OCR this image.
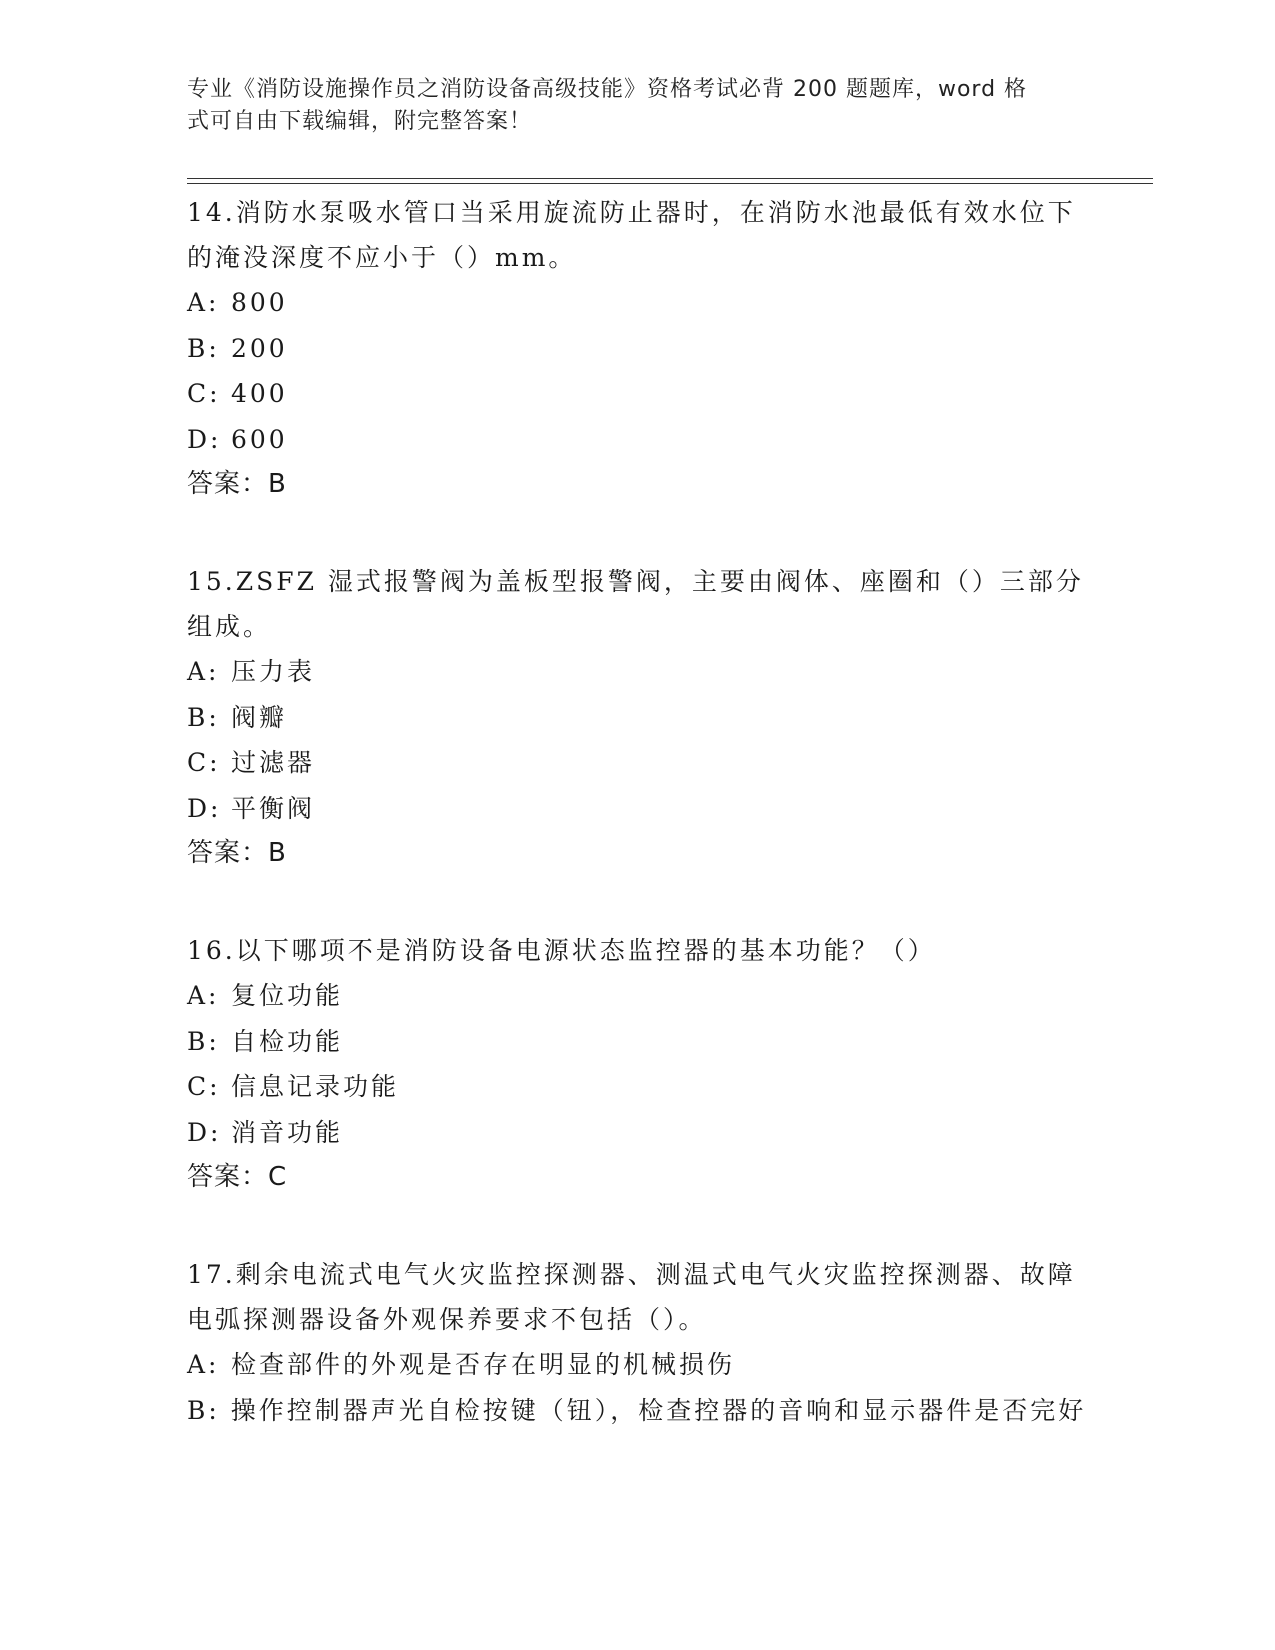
专业《消防设施操作员之消防设备高级技能》资格考试必背 200 题题库，word 格
式可自由下载编辑，附完整答案！

14.消防水泵吸水管口当采用旋流防止器时，在消防水池最低有效水位下的淹没深度不应小于（）mm。

A: 800

B: 200

C: 400

D: 600

答案：B

15.ZSFZ 湿式报警阀为盖板型报警阀，主要由阀体、座圈和（）三部分组成。

A: 压力表

B: 阀瓣

C: 过滤器

D: 平衡阀

答案：B

16.以下哪项不是消防设备电源状态监控器的基本功能？（）

A: 复位功能

B: 自检功能

C: 信息记录功能

D: 消音功能

答案：C

17.剩余电流式电气火灾监控探测器、测温式电气火灾监控探测器、故障电弧探测器设备外观保养要求不包括（）。

A: 检查部件的外观是否存在明显的机械损伤

B: 操作控制器声光自检按键（钮），检查控器的音响和显示器件是否完好
